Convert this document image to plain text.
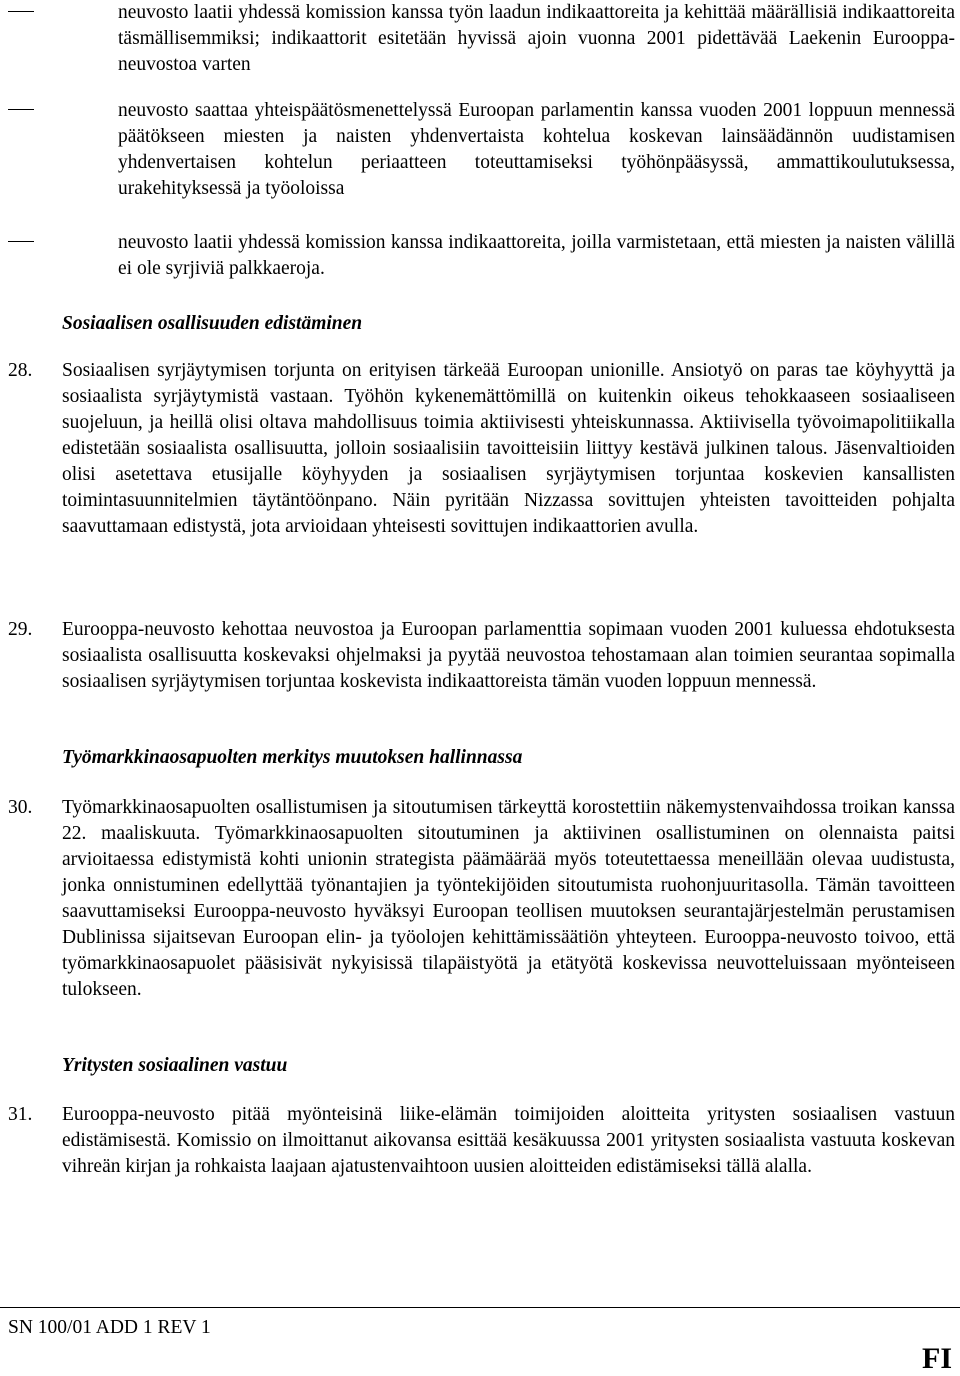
neuvosto laatii yhdessä komission kanssa työn laadun indikaattoreita ja kehittää määrällisiä indikaattoreita täsmällisemmiksi; indikaattorit esitetään hyvissä ajoin vuonna 2001 pidettävää Laekenin Eurooppa-neuvostoa varten
neuvosto saattaa yhteispäätösmenettelyssä Euroopan parlamentin kanssa vuoden 2001 loppuun mennessä päätökseen miesten ja naisten yhdenvertaista kohtelua koskevan lainsäädännön uudistamisen yhdenvertaisen kohtelun periaatteen toteuttamiseksi työhönpääsyssä, ammattikoulutuksessa, urakehityksessä ja työoloissa
neuvosto laatii yhdessä komission kanssa indikaattoreita, joilla varmistetaan, että miesten ja naisten välillä ei ole syrjiviä palkkaeroja.
Sosiaalisen osallisuuden edistäminen
28. Sosiaalisen syrjäytymisen torjunta on erityisen tärkeää Euroopan unionille. Ansiotyö on paras tae köyhyyttä ja sosiaalista syrjäytymistä vastaan. Työhön kykenemättömillä on kuitenkin oikeus tehokkaaseen sosiaaliseen suojeluun, ja heillä olisi oltava mahdollisuus toimia aktiivisesti yhteiskunnassa. Aktiivisella työvoimapolitiikalla edistetään sosiaalista osallisuutta, jolloin sosiaalisiin tavoitteisiin liittyy kestävä julkinen talous. Jäsenvaltioiden olisi asetettava etusijalle köyhyyden ja sosiaalisen syrjäytymisen torjuntaa koskevien kansallisten toimintasuunnitelmien täytäntöönpano. Näin pyritään Nizzassa sovittujen yhteisten tavoitteiden pohjalta saavuttamaan edistystä, jota arvioidaan yhteisesti sovittujen indikaattorien avulla.
29. Eurooppa-neuvosto kehottaa neuvostoa ja Euroopan parlamenttia sopimaan vuoden 2001 kuluessa ehdotuksesta sosiaalista osallisuutta koskevaksi ohjelmaksi ja pyytää neuvostoa tehostamaan alan toimien seurantaa sopimalla sosiaalisen syrjäytymisen torjuntaa koskevista indikaattoreista tämän vuoden loppuun mennessä.
Työmarkkinaosapuolten merkitys muutoksen hallinnassa
30. Työmarkkinaosapuolten osallistumisen ja sitoutumisen tärkeyttä korostettiin näkemystenvaihdossa troikan kanssa 22. maaliskuuta. Työmarkkinaosapuolten sitoutuminen ja aktiivinen osallistuminen on olennaista paitsi arvioitaessa edistymistä kohti unionin strategista päämäärää myös toteutettaessa meneillään olevaa uudistusta, jonka onnistuminen edellyttää työnantajien ja työntekijöiden sitoutumista ruohonjuuritasolla. Tämän tavoitteen saavuttamiseksi Eurooppa-neuvosto hyväksyi Euroopan teollisen muutoksen seurantajärjestelmän perustamisen Dublinissa sijaitsevan Euroopan elin- ja työolojen kehittämissäätiön yhteyteen. Eurooppa-neuvosto toivoo, että työmarkkinaosapuolet pääsisivät nykyisissä tilapäistyötä ja etätyötä koskevissa neuvotteluissaan myönteiseen tulokseen.
Yritysten sosiaalinen vastuu
31. Eurooppa-neuvosto pitää myönteisinä liike-elämän toimijoiden aloitteita yritysten sosiaalisen vastuun edistämisestä. Komissio on ilmoittanut aikovansa esittää kesäkuussa 2001 yritysten sosiaalista vastuuta koskevan vihreän kirjan ja rohkaista laajaan ajatustenvaihtoon uusien aloitteiden edistämiseksi tällä alalla.
SN 100/01 ADD 1 REV 1
FI
